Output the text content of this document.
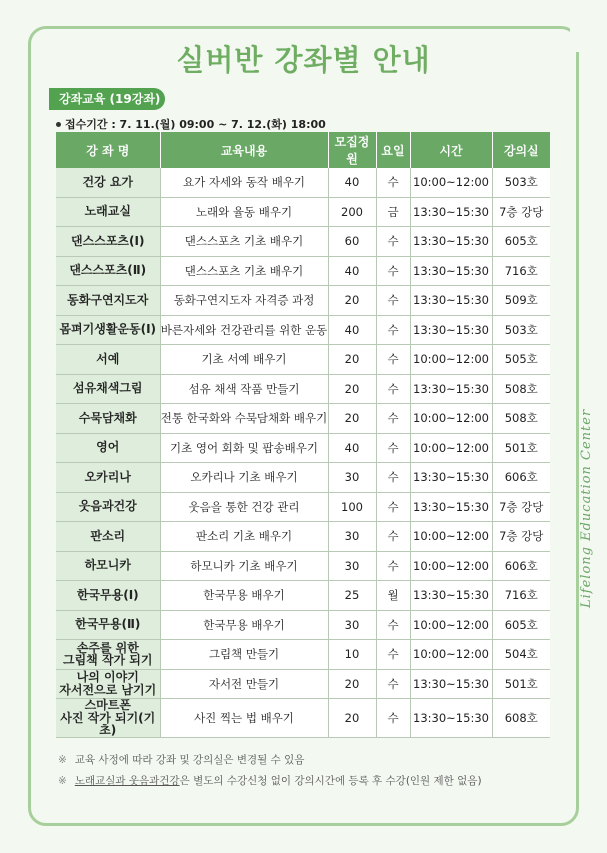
실버반 강좌별 안내
강좌교육 (19강좌)
접수기간 : 7. 11.(월) 09:00 ~ 7. 12.(화) 18:00
강 좌 명	교육내용	모집정원	요일	시간	강의실
건강 요가	요가 자세와 동작 배우기	40	수	10:00~12:00	503호
노래교실	노래와 율동 배우기	200	금	13:30~15:30	7층 강당
댄스스포츠(Ⅰ)	댄스스포츠 기초 배우기	60	수	13:30~15:30	605호
댄스스포츠(Ⅱ)	댄스스포츠 기초 배우기	40	수	13:30~15:30	716호
동화구연지도자	동화구연지도자 자격증 과정	20	수	13:30~15:30	509호
몸펴기생활운동(Ⅰ)	바른자세와 건강관리를 위한 운동	40	수	13:30~15:30	503호
서예	기초 서예 배우기	20	수	10:00~12:00	505호
섬유채색그림	섬유 채색 작품 만들기	20	수	13:30~15:30	508호
수묵담채화	전통 한국화와 수묵담채화 배우기	20	수	10:00~12:00	508호
영어	기초 영어 회화 및 팝송배우기	40	수	10:00~12:00	501호
오카리나	오카리나 기초 배우기	30	수	13:30~15:30	606호
웃음과건강	웃음을 통한 건강 관리	100	수	13:30~15:30	7층 강당
판소리	판소리 기초 배우기	30	수	10:00~12:00	7층 강당
하모니카	하모니카 기초 배우기	30	수	10:00~12:00	606호
한국무용(Ⅰ)	한국무용 배우기	25	월	13:30~15:30	716호
한국무용(Ⅱ)	한국무용 배우기	30	수	10:00~12:00	605호

손주를 위한
그림책 작가 되기	그림책 만들기	10	수	10:00~12:00	504호

나의 이야기
자서전으로 남기기	자서전 만들기	20	수	13:30~15:30	501호

스마트폰
사진 작가 되기(기초)	사진 찍는 법 배우기	20	수	13:30~15:30	608호
※ 교육 사정에 따라 강좌 및 강의실은 변경될 수 있음
※ 노래교실과 웃음과건강은 별도의 수강신청 없이 강의시간에 등록 후 수강(인원 제한 없음)
Lifelong Education Center
